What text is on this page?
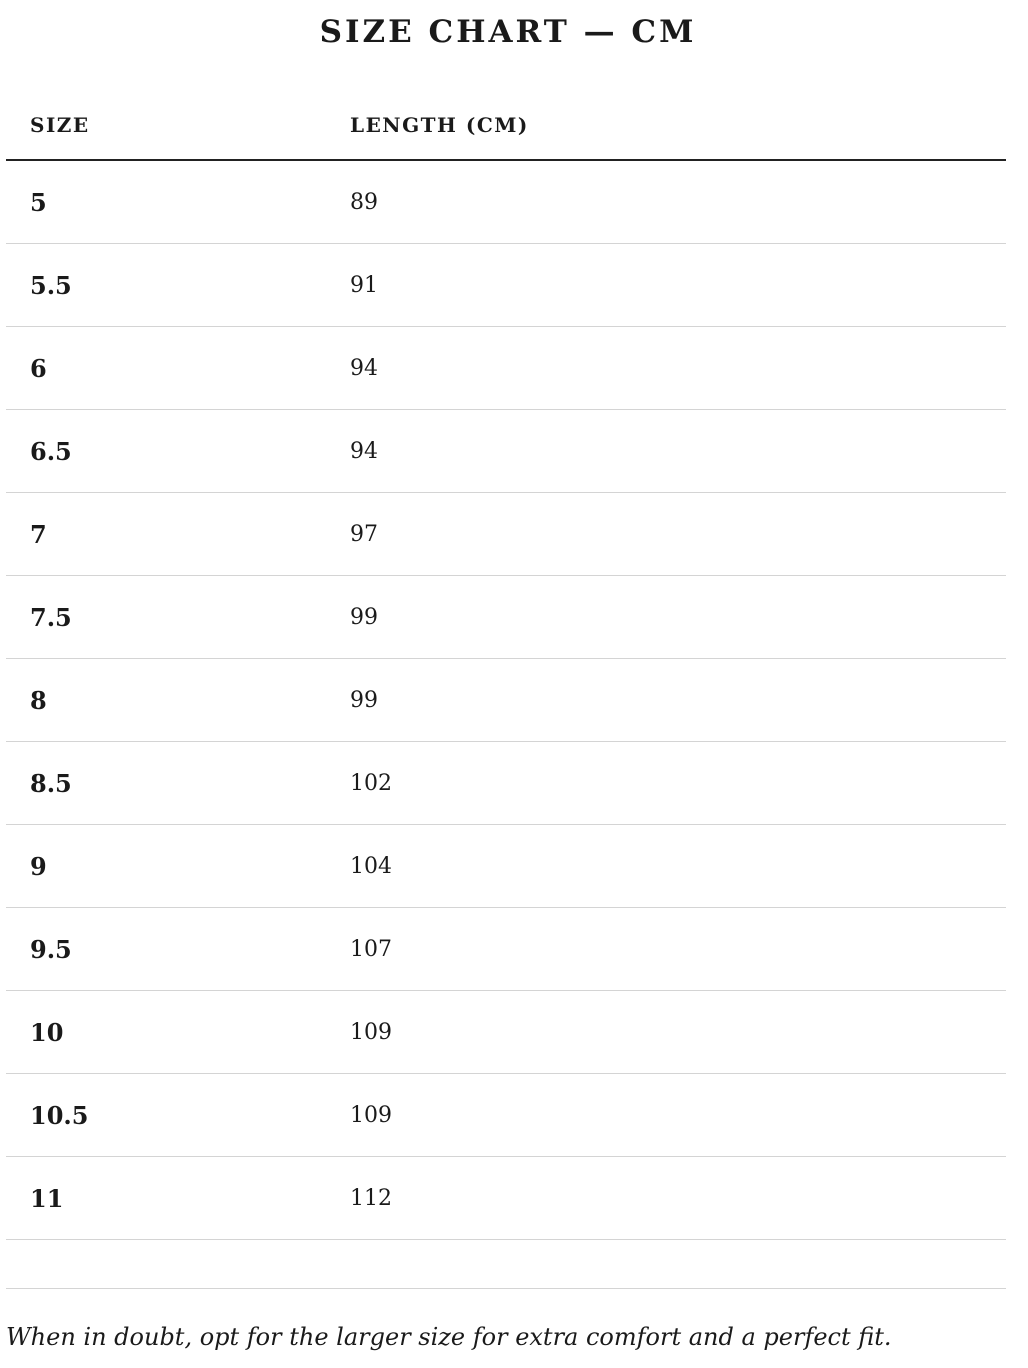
SIZE CHART — CM
SIZE	LENGTH (CM)
5	89
5.5	91
6	94
6.5	94
7	97
7.5	99
8	99
8.5	102
9	104
9.5	107
10	109
10.5	109
11	112
When in doubt, opt for the larger size for extra comfort and a perfect fit.
